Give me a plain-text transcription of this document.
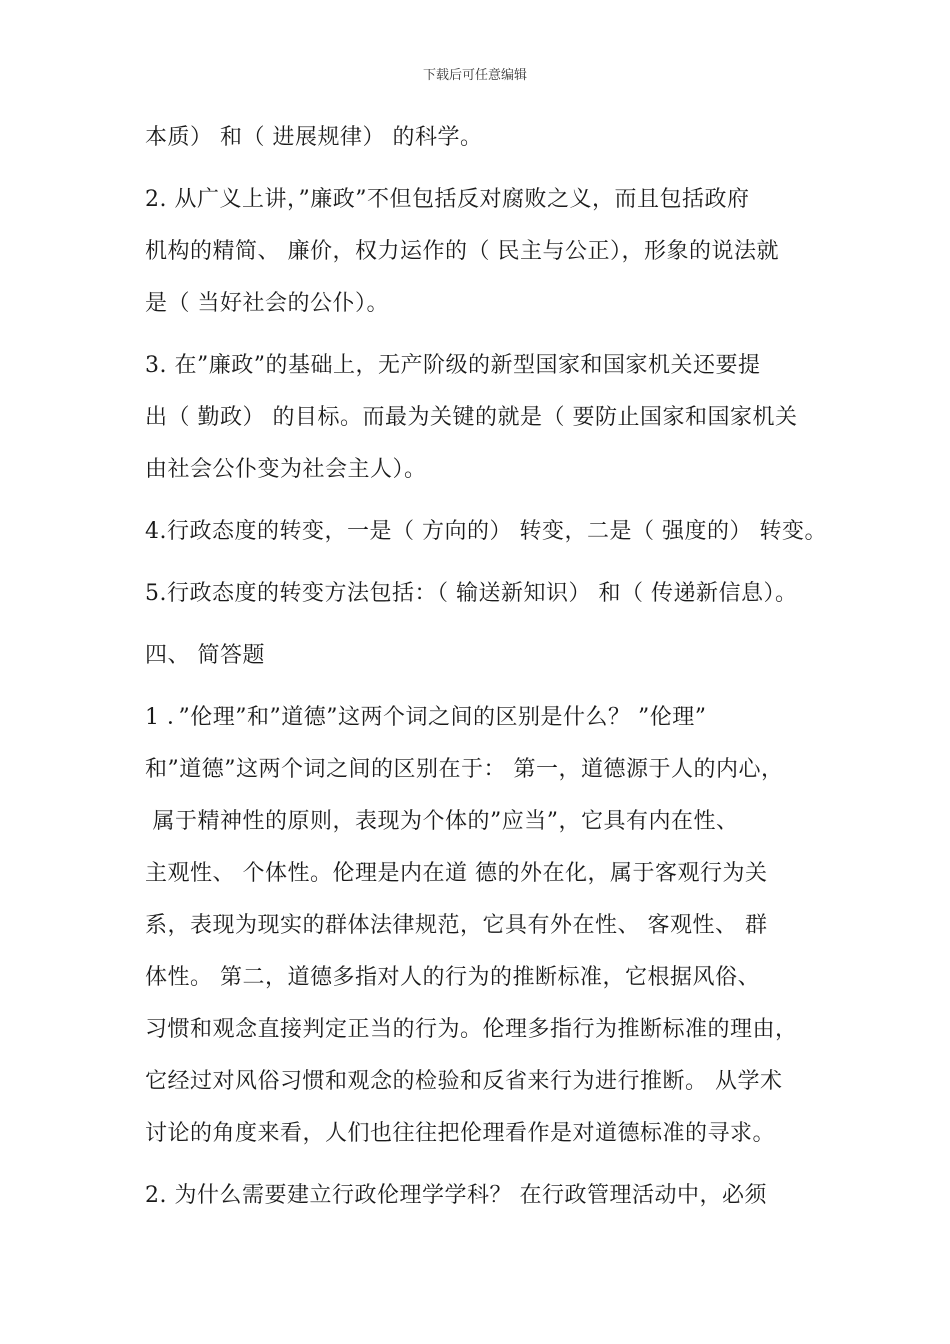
下载后可任意编辑
本质） 和（ 进展规律） 的科学。
2. 从广义上讲，”廉政”不但包括反对腐败之义，而且包括政府
机构的精简、 廉价，权力运作的（ 民主与公正），形象的说法就
是（ 当好社会的公仆）。
3. 在”廉政”的基础上，无产阶级的新型国家和国家机关还要提
出（ 勤政） 的目标。而最为关键的就是（ 要防止国家和国家机关
由社会公仆变为社会主人）。
4.行政态度的转变，一是（ 方向的） 转变，二是（ 强度的） 转变。
5.行政态度的转变方法包括：（ 输送新知识） 和（ 传递新信息）。
四、 简答题
1 ．”伦理”和”道德”这两个词之间的区别是什么？ ”伦理”
和”道德”这两个词之间的区别在于： 第一，道德源于人的内心，
属于精神性的原则，表现为个体的”应当”，它具有内在性、
主观性、 个体性。伦理是内在道 德的外在化，属于客观行为关
系，表现为现实的群体法律规范，它具有外在性、 客观性、 群
体性。 第二，道德多指对人的行为的推断标准，它根据风俗、
习惯和观念直接判定正当的行为。伦理多指行为推断标准的理由，
它经过对风俗习惯和观念的检验和反省来行为进行推断。 从学术
讨论的角度来看，人们也往往把伦理看作是对道德标准的寻求。
2. 为什么需要建立行政伦理学学科？ 在行政管理活动中，必须
